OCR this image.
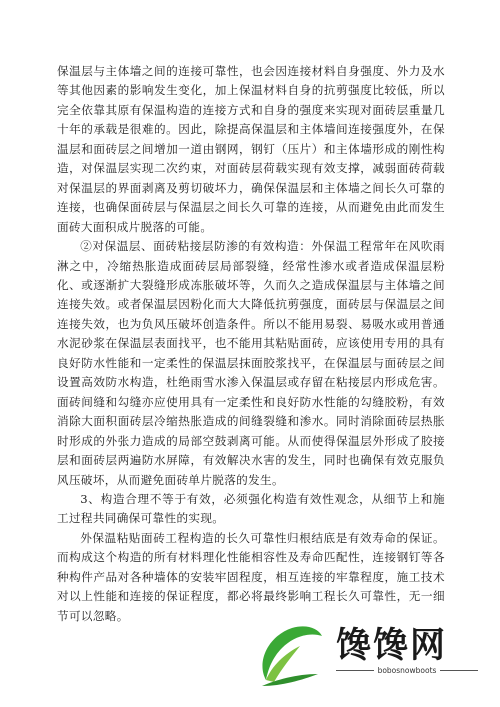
保温层与主体墙之间的连接可靠性，也会因连接材料自身强度、外力及水等其他因素的影响发生变化，加上保温材料自身的抗剪强度比较低，所以完全依靠其原有保温构造的连接方式和自身的强度来实现对面砖层重量几十年的承载是很难的。因此，除提高保温层和主体墙间连接强度外，在保温层和面砖层之间增加一道由钢网，钢钉（压片）和主体墙形成的刚性构造，对保温层实现二次约束，对面砖层荷载实现有效支撑，减弱面砖荷载对保温层的界面剥离及剪切破坏力，确保保温层和主体墙之间长久可靠的连接，也确保面砖层与保温层之间长久可靠的连接，从而避免由此而发生面砖大面积成片脱落的可能。

②对保温层、面砖粘接层防渗的有效构造：外保温工程常年在风吹雨淋之中，冷缩热胀造成面砖层局部裂缝，经常性渗水或者造成保温层粉化、或逐渐扩大裂缝形成冻胀破坏等，久而久之造成保温层与主体墙之间连接失效。或者保温层因粉化而大大降低抗剪强度，面砖层与保温层之间连接失效，也为负风压破坏创造条件。所以不能用易裂、易吸水或用普通水泥砂浆在保温层表面找平，也不能用其粘贴面砖，应该使用专用的具有良好防水性能和一定柔性的保温层抹面胶浆找平，在保温层与面砖层之间设置高效防水构造，杜绝雨雪水渗入保温层或存留在粘接层内形成危害。面砖间缝和勾缝亦应使用具有一定柔性和良好防水性能的勾缝胶粉，有效消除大面积面砖层冷缩热胀造成的间缝裂缝和渗水。同时消除面砖层热胀时形成的外张力造成的局部空鼓剥离可能。从而使得保温层外形成了胶接层和面砖层两遍防水屏障，有效解决水害的发生，同时也确保有效克服负风压破坏，从而避免面砖单片脱落的发生。

3、构造合理不等于有效，必须强化构造有效性观念，从细节上和施工过程共同确保可靠性的实现。

外保温粘贴面砖工程构造的长久可靠性归根结底是有效寿命的保证。而构成这个构造的所有材料理化性能相容性及寿命匹配性，连接钢钉等各种构件产品对各种墙体的安装牢固程度，相互连接的牢靠程度，施工技术对以上性能和连接的保证程度，都必将最终影响工程长久可靠性，无一细节可以忽略。

馋馋网
bobosnowboots
